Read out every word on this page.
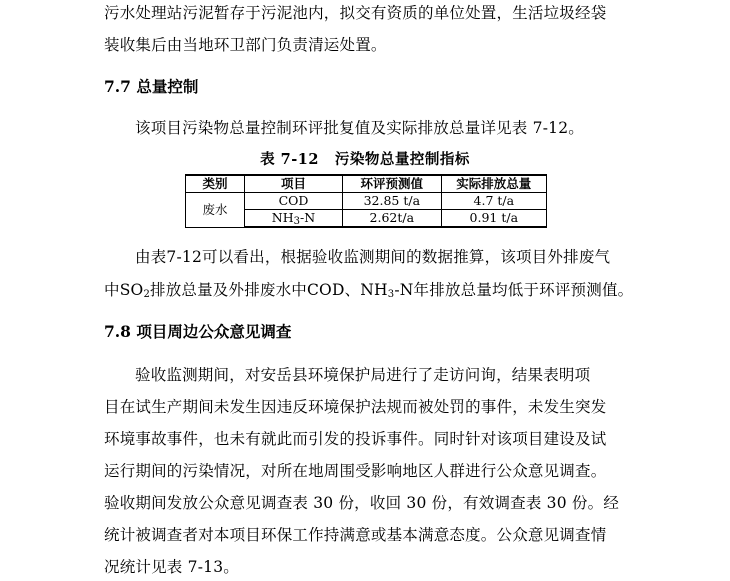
污水处理站污泥暂存于污泥池内，拟交有资质的单位处置，生活垃圾经袋
装收集后由当地环卫部门负责清运处置。
7.7 总量控制
该项目污染物总量控制环评批复值及实际排放总量详见表 7-12。
表 7-12 污染物总量控制指标
类别	项目	环评预测值	实际排放总量
废水	COD	32.85 t/a	4.7 t/a
	$NH_3-N$	2.62t/a	0.91 t/a
由表7-12可以看出，根据验收监测期间的数据推算，该项目外排废气
中$SO_2$排放总量及外排废水中COD、$NH_3-N$年排放总量均低于环评预测值。
7.8 项目周边公众意见调查
验收监测期间，对安岳县环境保护局进行了走访问询，结果表明项
目在试生产期间未发生因违反环境保护法规而被处罚的事件，未发生突发
环境事故事件，也未有就此而引发的投诉事件。同时针对该项目建设及试
运行期间的污染情况，对所在地周围受影响地区人群进行公众意见调查。
验收期间发放公众意见调查表 30 份，收回 30 份，有效调查表 30 份。经
统计被调查者对本项目环保工作持满意或基本满意态度。公众意见调查情
况统计见表 7-13。
